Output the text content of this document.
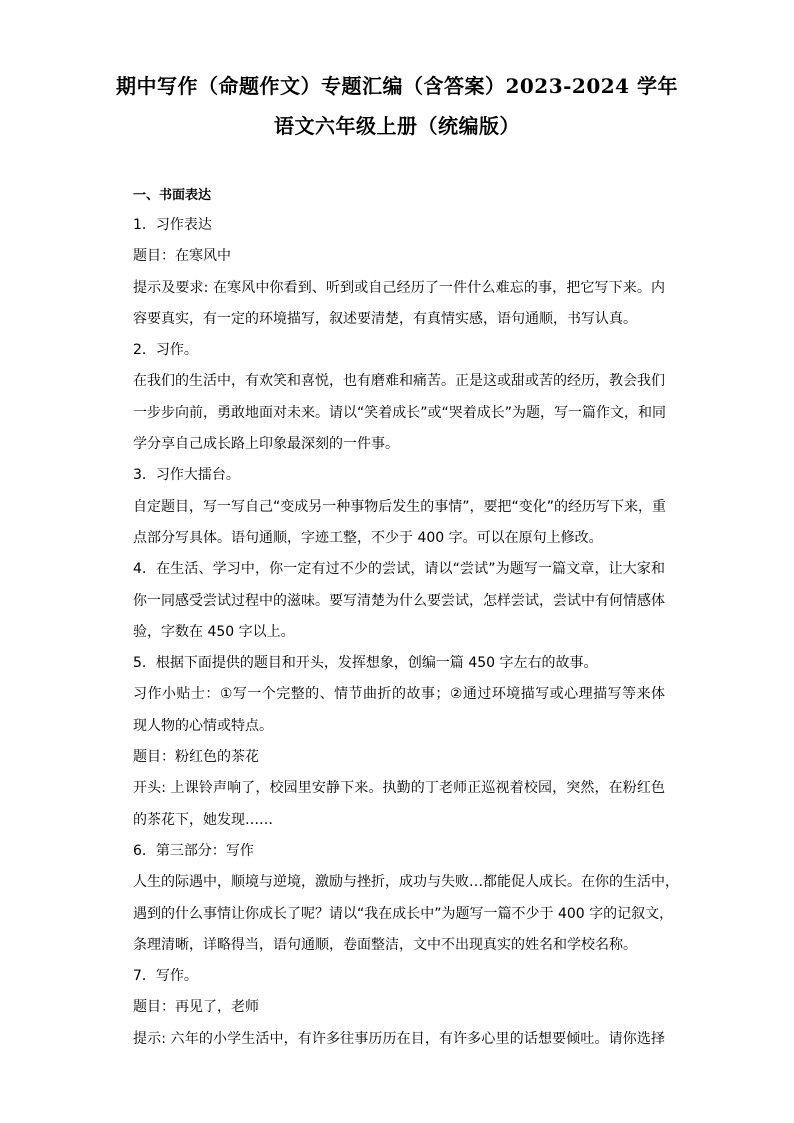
期中写作（命题作文）专题汇编（含答案）2023-2024 学年
语文六年级上册（统编版）
一、书面表达
1．习作表达
题目：在寒风中
提示及要求: 在寒风中你看到、听到或自己经历了一件什么难忘的事，把它写下来。内
容要真实，有一定的环境描写，叙述要清楚，有真情实感，语句通顺，书写认真。
2．习作。
在我们的生活中，有欢笑和喜悦，也有磨难和痛苦。正是这或甜或苦的经历，教会我们
一步步向前，勇敢地面对未来。请以“笑着成长”或“哭着成长”为题，写一篇作文，和同
学分享自己成长路上印象最深刻的一件事。
3．习作大擂台。
自定题目，写一写自己“变成另一种事物后发生的事情”，要把“变化”的经历写下来，重
点部分写具体。语句通顺，字迹工整，不少于 400 字。可以在原句上修改。
4．在生活、学习中，你一定有过不少的尝试，请以“尝试”为题写一篇文章，让大家和
你一同感受尝试过程中的滋味。要写清楚为什么要尝试，怎样尝试，尝试中有何情感体
验，字数在 450 字以上。
5．根据下面提供的题目和开头，发挥想象，创编一篇 450 字左右的故事。
习作小贴士：①写一个完整的、情节曲折的故事；②通过环境描写或心理描写等来体
现人物的心情或特点。
题目：粉红色的茶花
开头: 上课铃声响了，校园里安静下来。执勤的丁老师正巡视着校园，突然，在粉红色
的茶花下，她发现……
6．第三部分：写作
人生的际遇中，顺境与逆境，激励与挫折，成功与失败…都能促人成长。在你的生活中，
遇到的什么事情让你成长了呢？请以“我在成长中”为题写一篇不少于 400 字的记叙文，
条理清晰，详略得当，语句通顺，卷面整洁，文中不出现真实的姓名和学校名称。
7．写作。
题目：再见了，老师
提示: 六年的小学生活中，有许多往事历历在目，有许多心里的话想要倾吐。请你选择
